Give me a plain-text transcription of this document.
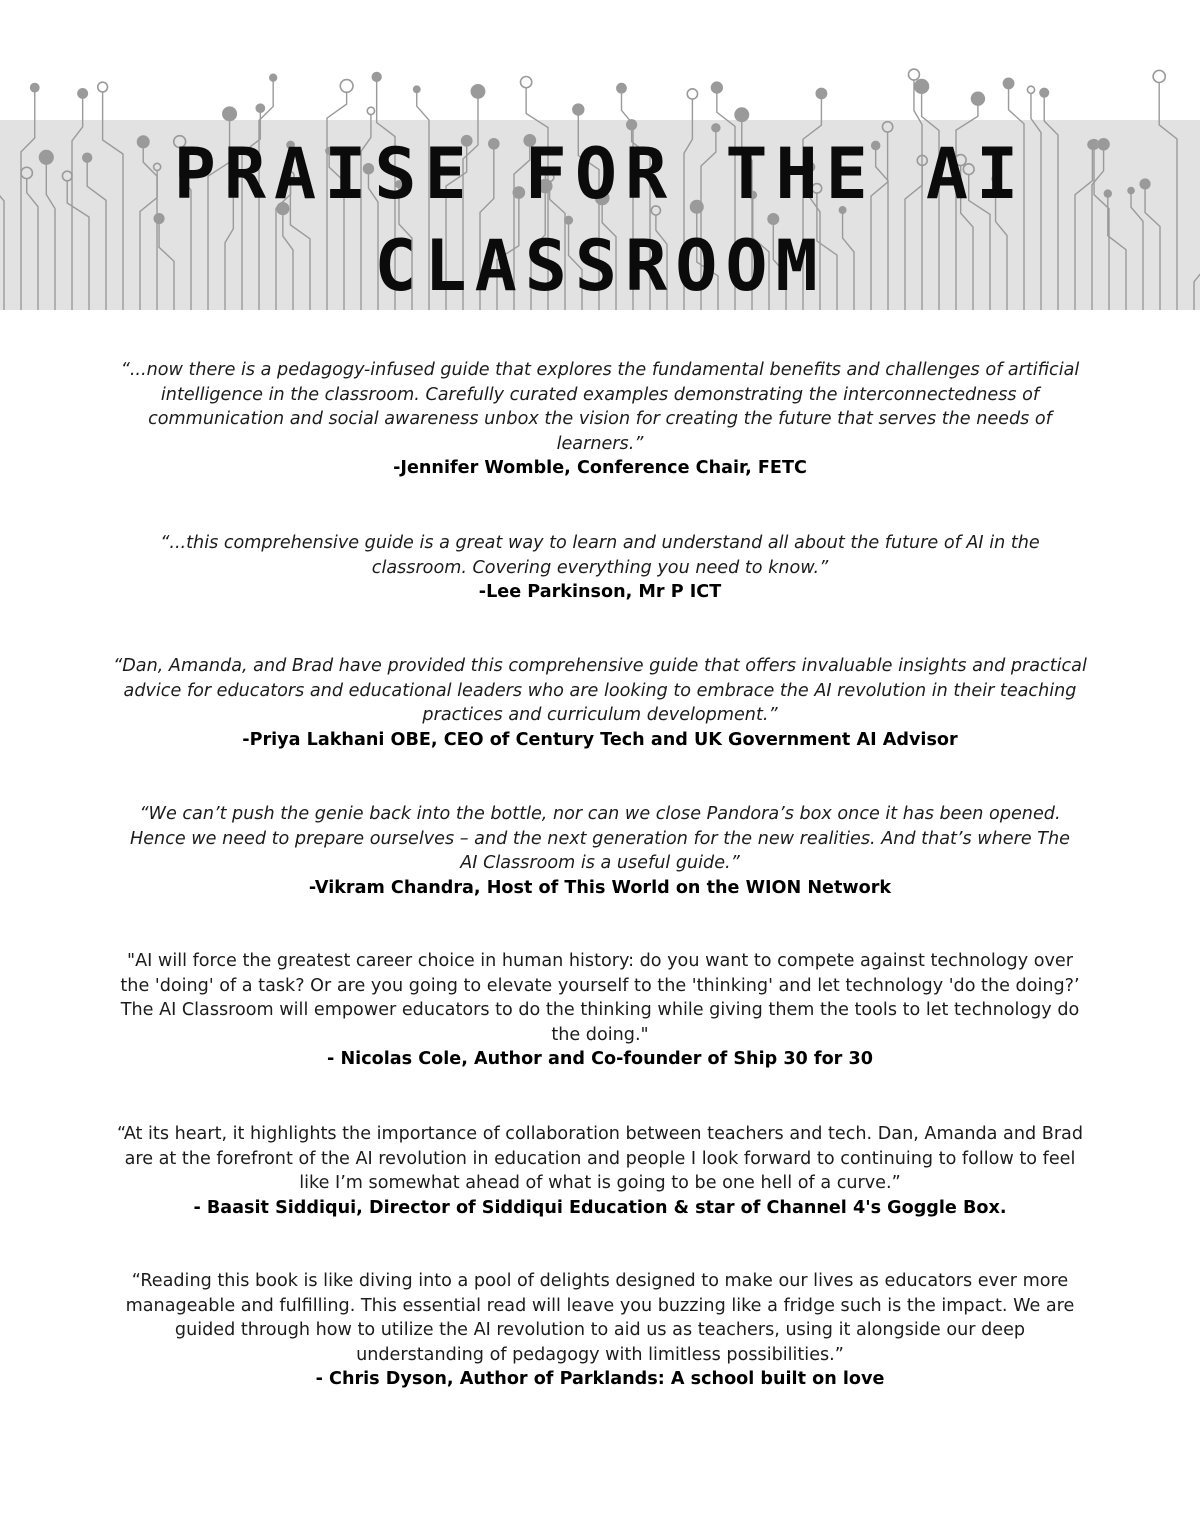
PRAISE FOR THE AI
CLASSROOM

“...now there is a pedagogy-infused guide that explores the fundamental benefits and challenges of artificial intelligence in the classroom. Carefully curated examples demonstrating the interconnectedness of communication and social awareness unbox the vision for creating the future that serves the needs of learners.”

-Jennifer Womble, Conference Chair, FETC

“...this comprehensive guide is a great way to learn and understand all about the future of AI in the classroom. Covering everything you need to know.”

-Lee Parkinson, Mr P ICT

“Dan, Amanda, and Brad have provided this comprehensive guide that offers invaluable insights and practical advice for educators and educational leaders who are looking to embrace the AI revolution in their teaching practices and curriculum development.”

-Priya Lakhani OBE, CEO of Century Tech and UK Government AI Advisor

“We can’t push the genie back into the bottle, nor can we close Pandora’s box once it has been opened. Hence we need to prepare ourselves – and the next generation for the new realities. And that’s where The AI Classroom is a useful guide.”

-Vikram Chandra, Host of This World on the WION Network

"AI will force the greatest career choice in human history: do you want to compete against technology over the 'doing' of a task? Or are you going to elevate yourself to the 'thinking' and let technology 'do the doing?’ The AI Classroom will empower educators to do the thinking while giving them the tools to let technology do the doing."

- Nicolas Cole, Author and Co-founder of Ship 30 for 30

“At its heart, it highlights the importance of collaboration between teachers and tech. Dan, Amanda and Brad are at the forefront of the AI revolution in education and people I look forward to continuing to follow to feel like I’m somewhat ahead of what is going to be one hell of a curve.”

- Baasit Siddiqui, Director of Siddiqui Education & star of Channel 4's Goggle Box.

“Reading this book is like diving into a pool of delights designed to make our lives as educators ever more manageable and fulfilling. This essential read will leave you buzzing like a fridge such is the impact. We are guided through how to utilize the AI revolution to aid us as teachers, using it alongside our deep understanding of pedagogy with limitless possibilities.”

- Chris Dyson, Author of Parklands: A school built on love
